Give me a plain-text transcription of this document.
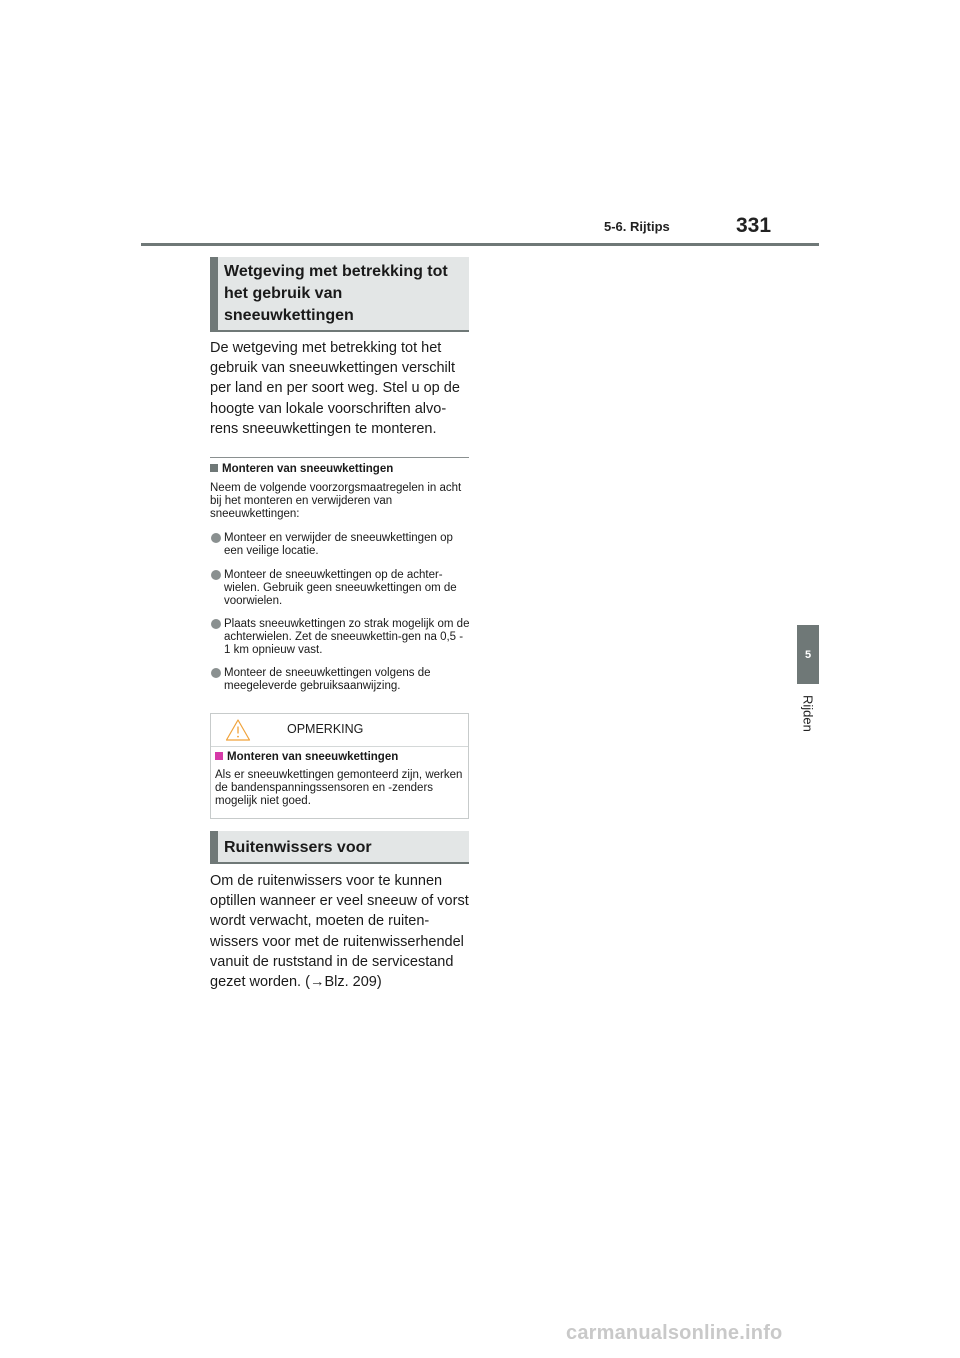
5-6. Rijtips	331
5
Rijden
Wetgeving met betrekking tot het gebruik van sneeuwkettingen
De wetgeving met betrekking tot het gebruik van sneeuwkettingen verschilt per land en per soort weg. Stel u op de hoogte van lokale voorschriften alvo-rens sneeuwkettingen te monteren.
Monteren van sneeuwkettingen
Neem de volgende voorzorgsmaatregelen in acht bij het monteren en verwijderen van sneeuwkettingen:
Monteer en verwijder de sneeuwkettingen op een veilige locatie.
Monteer de sneeuwkettingen op de achter-wielen. Gebruik geen sneeuwkettingen om de voorwielen.
Plaats sneeuwkettingen zo strak mogelijk om de achterwielen. Zet de sneeuwkettin-gen na 0,5 - 1 km opnieuw vast.
Monteer de sneeuwkettingen volgens de meegeleverde gebruiksaanwijzing.
OPMERKING
Monteren van sneeuwkettingen
Als er sneeuwkettingen gemonteerd zijn, werken de bandenspanningssensoren en -zenders mogelijk niet goed.
Ruitenwissers voor
Om de ruitenwissers voor te kunnen optillen wanneer er veel sneeuw of vorst wordt verwacht, moeten de ruiten-wissers voor met de ruitenwisserhendel vanuit de ruststand in de servicestand gezet worden. (→Blz. 209)
carmanualsonline.info
